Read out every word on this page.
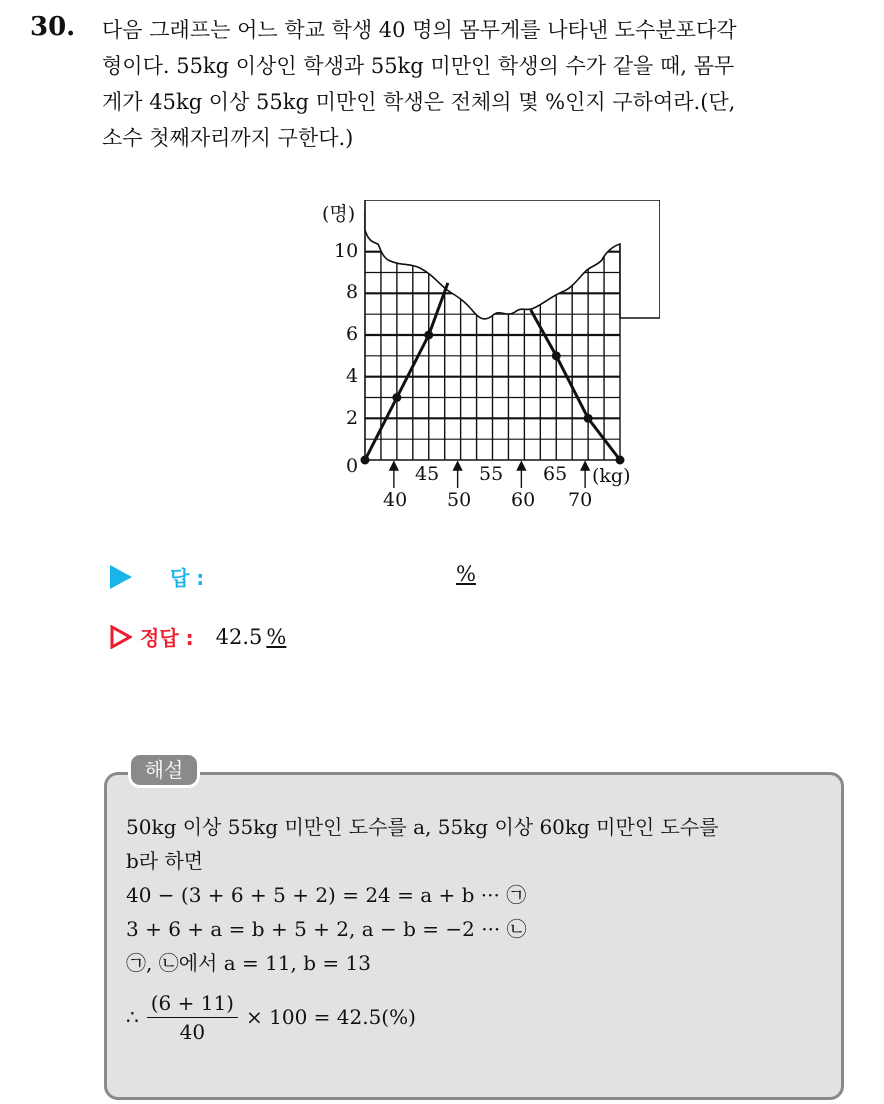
30. 다음 그래프는 어느 학교 학생 40 명의 몸무게를 나타낸 도수분포다각
형이다. 55kg 이상인 학생과 55kg 미만인 학생의 수가 같을 때, 몸무
게가 45kg 이상 55kg 미만인 학생은 전체의 몇 %인지 구하여라.(단,
소수 첫째자리까지 구한다.)
(명)
0
2
4
6
8
10
45 55 65 (kg)
40 50 60 70
답 :	%
정답 : 42.5 %
해설
50kg 이상 55kg 미만인 도수를 a, 55kg 이상 60kg 미만인 도수를
b라 하면
40 − (3 + 6 + 5 + 2) = 24 = a + b ··· ㉠
3 + 6 + a = b + 5 + 2, a − b = −2 ··· ㉡
㉠, ㉡에서 a = 11, b = 13
∴ $\frac{(6 + 11)}{40} \times 100 = 42.5(\%)$
